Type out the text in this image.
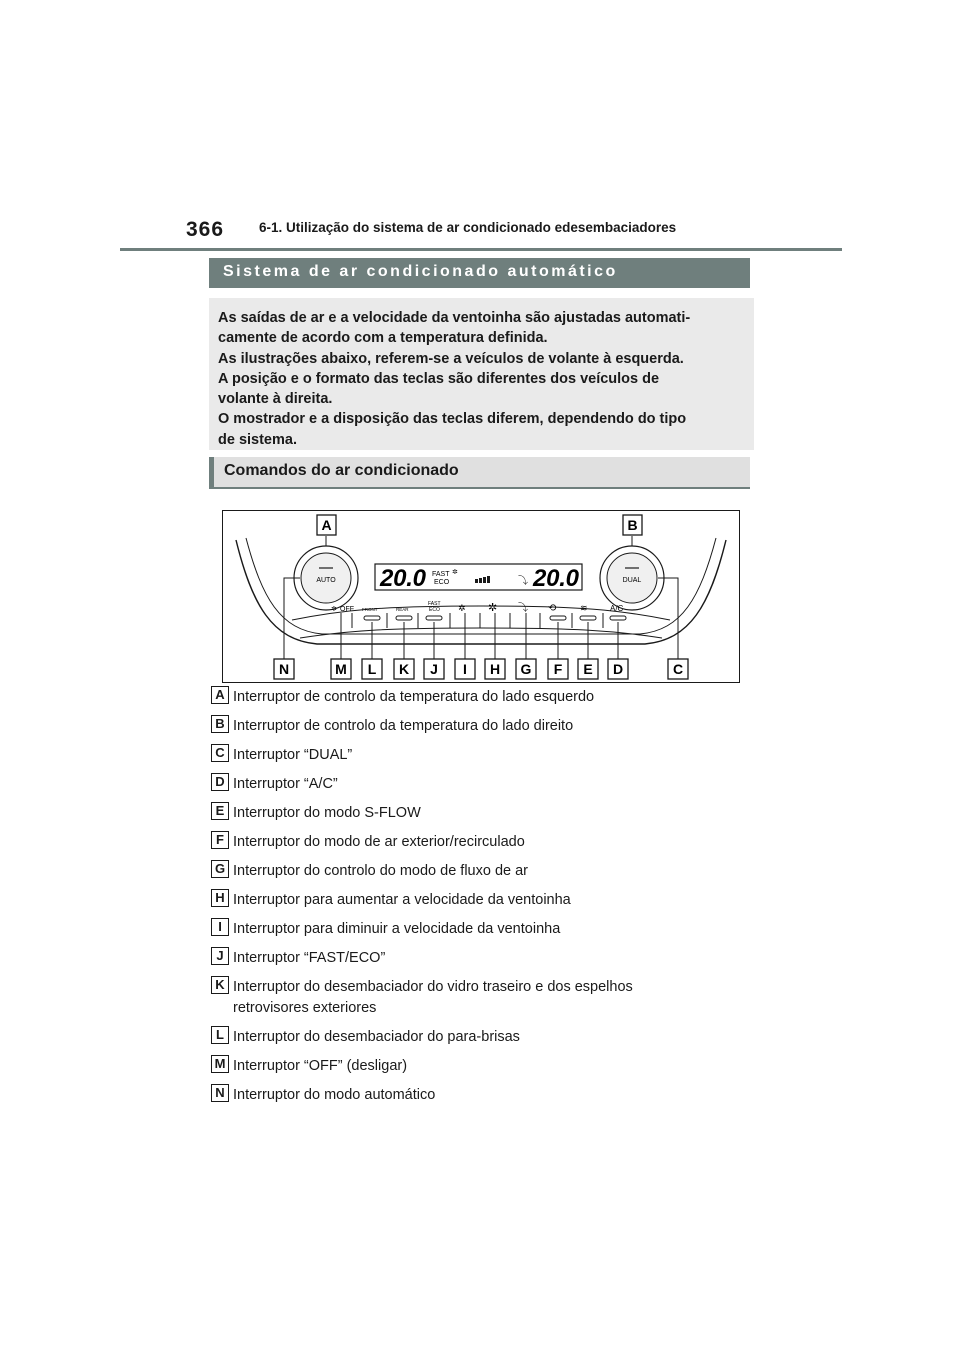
366	6-1. Utilização do sistema de ar condicionado edesembaciadores
Sistema de ar condicionado automático
As saídas de ar e a velocidade da ventoinha são ajustadas automati-
camente de acordo com a temperatura definida.
As ilustrações abaixo, referem-se a veículos de volante à esquerda.
A posição e o formato das teclas são diferentes dos veículos de
volante à direita.
O mostrador e a disposição das teclas diferem, dependendo do tipo
de sistema.
Comandos do ar condicionado
AUTO	DUAL
20.0 FAST
ECO
✲
⤵ 20.0
OFF
✲	FRONT	REAR
FAST
ECO ✲ ✲ ⤵ ⟲	≋	A/C
A	B
N	M L K J I H G F E D	C
A Interruptor de controlo da temperatura do lado esquerdo
B Interruptor de controlo da temperatura do lado direito
C Interruptor “DUAL”
D Interruptor “A/C”
E Interruptor do modo S-FLOW
F Interruptor do modo de ar exterior/recirculado
G Interruptor do controlo do modo de fluxo de ar
H Interruptor para aumentar a velocidade da ventoinha
I Interruptor para diminuir a velocidade da ventoinha
J Interruptor “FAST/ECO”
K Interruptor do desembaciador do vidro traseiro e dos espelhos
retrovisores exteriores
L Interruptor do desembaciador do para-brisas
M Interruptor “OFF” (desligar)
N Interruptor do modo automático
